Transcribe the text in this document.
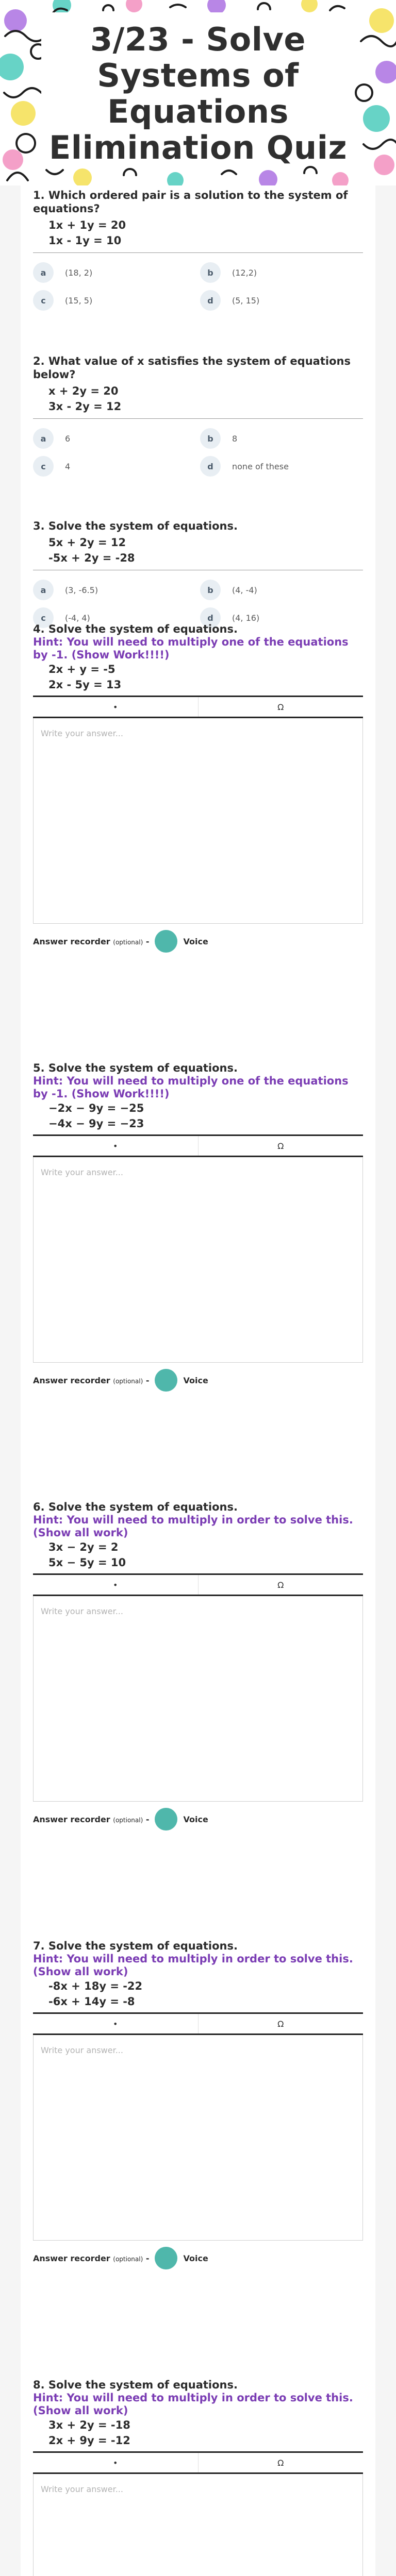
3/23 - Solve
Systems of
Equations
Elimination Quiz
1. Which ordered pair is a solution to the system of equations?
1x + 1y = 20
1x - 1y = 10
a	(18, 2)	b	(12,2)
c	(15, 5)	d	(5, 15)
2. What value of x satisfies the system of equations below?
x + 2y = 20
3x - 2y = 12
a	6	b	8
c	4	d	none of these
3. Solve the system of equations.
5x + 2y = 12
-5x + 2y = -28
a	(3, -6.5)	b	(4, -4)
c	(-4, 4)	d	(4, 16)
4. Solve the system of equations.
Hint: You will need to multiply one of the equations by -1. (Show Work!!!!)
2x + y = -5
2x - 5y = 13
•	Ω
Write your answer...
Answer recorder (optional) -	Voice
5. Solve the system of equations.
Hint: You will need to multiply one of the equations by -1. (Show Work!!!!)
−2x − 9y = −25
−4x − 9y = −23
•	Ω
Write your answer...
Answer recorder (optional) -	Voice
6. Solve the system of equations.
Hint: You will need to multiply in order to solve this. (Show all work)
3x − 2y = 2
5x − 5y = 10
•	Ω
Write your answer...
Answer recorder (optional) -	Voice
7. Solve the system of equations.
Hint: You will need to multiply in order to solve this. (Show all work)
-8x + 18y = -22
-6x + 14y = -8
•	Ω
Write your answer...
Answer recorder (optional) -	Voice
8. Solve the system of equations.
Hint: You will need to multiply in order to solve this. (Show all work)
3x + 2y = -18
2x + 9y = -12
•	Ω
Write your answer...
